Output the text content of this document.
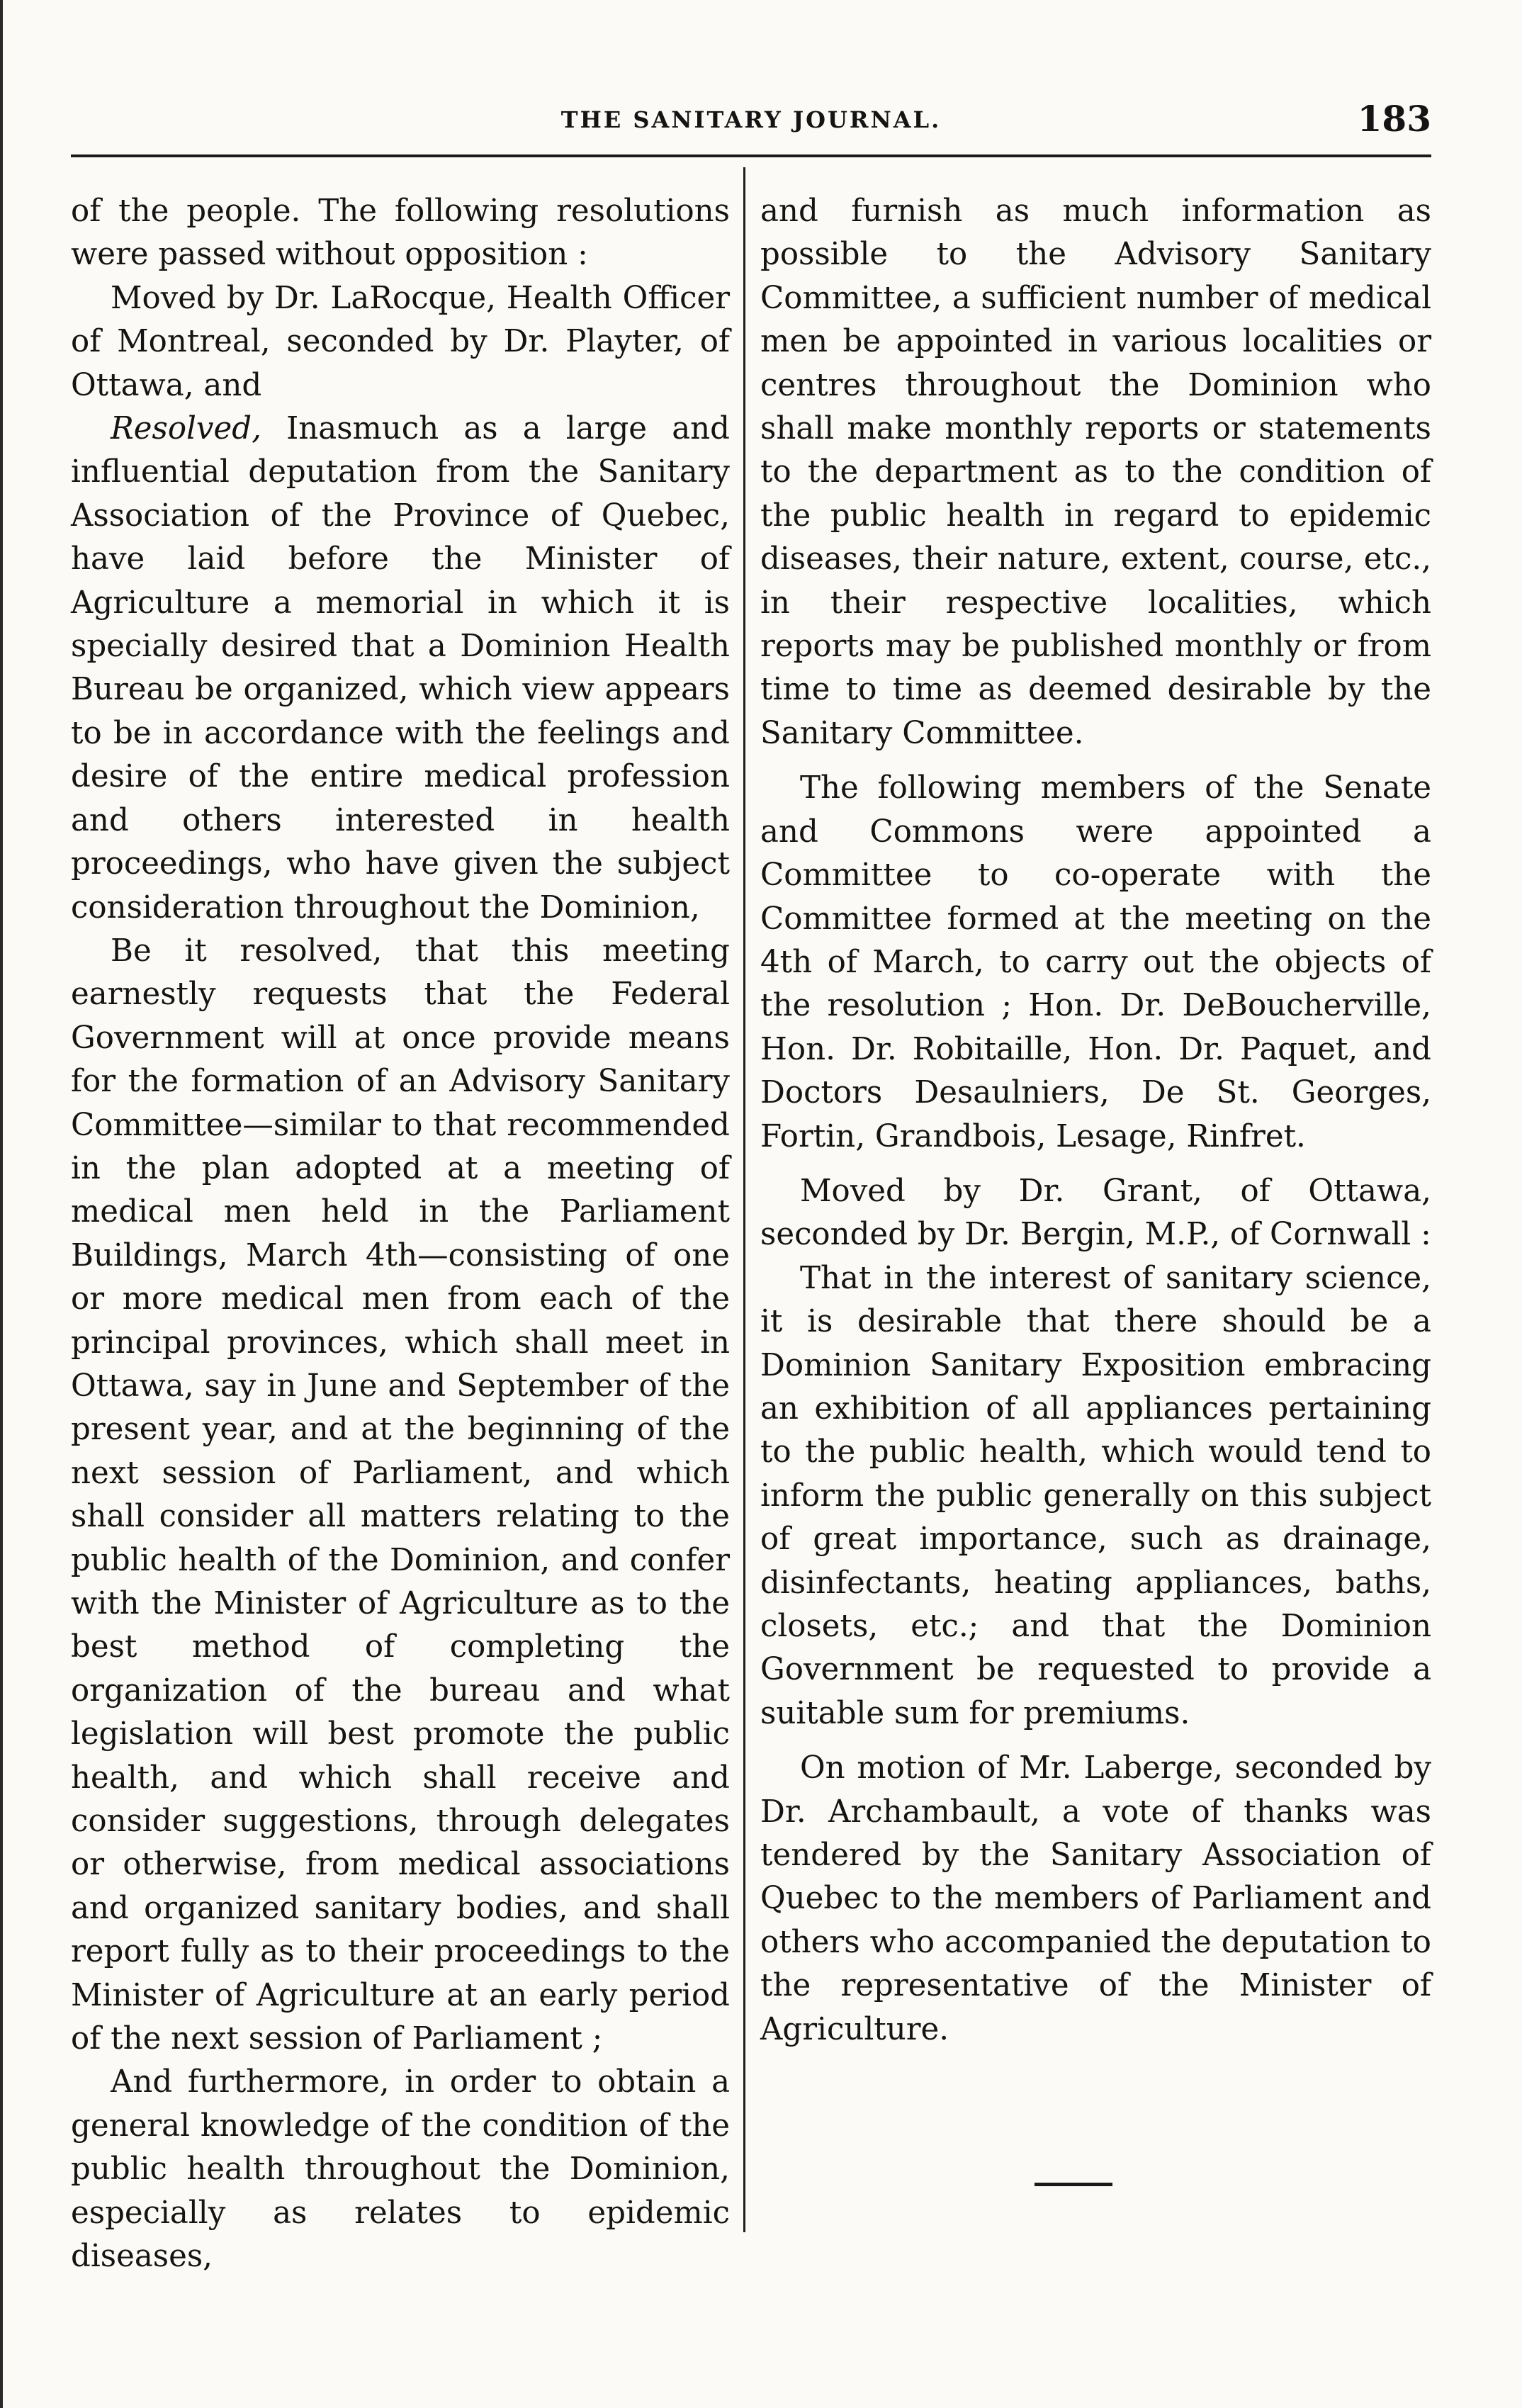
THE SANITARY JOURNAL.	183

of the people. The following resolutions were passed without opposition :

Moved by Dr. LaRocque, Health Officer of Montreal, seconded by Dr. Playter, of Ottawa, and

Resolved, Inasmuch as a large and influential deputation from the Sanitary Association of the Province of Quebec, have laid before the Minister of Agriculture a memorial in which it is specially desired that a Dominion Health Bureau be organized, which view appears to be in accordance with the feelings and desire of the entire medical profession and others interested in health proceedings, who have given the subject consideration throughout the Dominion,

Be it resolved, that this meeting earnestly requests that the Federal Government will at once provide means for the formation of an Advisory Sanitary Committee—similar to that recommended in the plan adopted at a meeting of medical men held in the Parliament Buildings, March 4th—consisting of one or more medical men from each of the principal provinces, which shall meet in Ottawa, say in June and September of the present year, and at the beginning of the next session of Parliament, and which shall consider all matters relating to the public health of the Dominion, and confer with the Minister of Agriculture as to the best method of completing the organization of the bureau and what legislation will best promote the public health, and which shall receive and consider suggestions, through delegates or otherwise, from medical associations and organized sanitary bodies, and shall report fully as to their proceedings to the Minister of Agriculture at an early period of the next session of Parliament ;

And furthermore, in order to obtain a general knowledge of the condition of the public health throughout the Dominion, especially as relates to epidemic diseases,

and furnish as much information as possible to the Advisory Sanitary Committee, a sufficient number of medical men be appointed in various localities or centres throughout the Dominion who shall make monthly reports or statements to the department as to the condition of the public health in regard to epidemic diseases, their nature, extent, course, etc., in their respective localities, which reports may be published monthly or from time to time as deemed desirable by the Sanitary Committee.

The following members of the Senate and Commons were appointed a Committee to co-operate with the Committee formed at the meeting on the 4th of March, to carry out the objects of the resolution ; Hon. Dr. DeBoucherville, Hon. Dr. Robitaille, Hon. Dr. Paquet, and Doctors Desaulniers, De St. Georges, Fortin, Grandbois, Lesage, Rinfret.

Moved by Dr. Grant, of Ottawa, seconded by Dr. Bergin, M.P., of Cornwall :

That in the interest of sanitary science, it is desirable that there should be a Dominion Sanitary Exposition embracing an exhibition of all appliances pertaining to the public health, which would tend to inform the public generally on this subject of great importance, such as drainage, disinfectants, heating appliances, baths, closets, etc.; and that the Dominion Government be requested to provide a suitable sum for premiums.

On motion of Mr. Laberge, seconded by Dr. Archambault, a vote of thanks was tendered by the Sanitary Association of Quebec to the members of Parliament and others who accompanied the deputation to the representative of the Minister of Agriculture.
